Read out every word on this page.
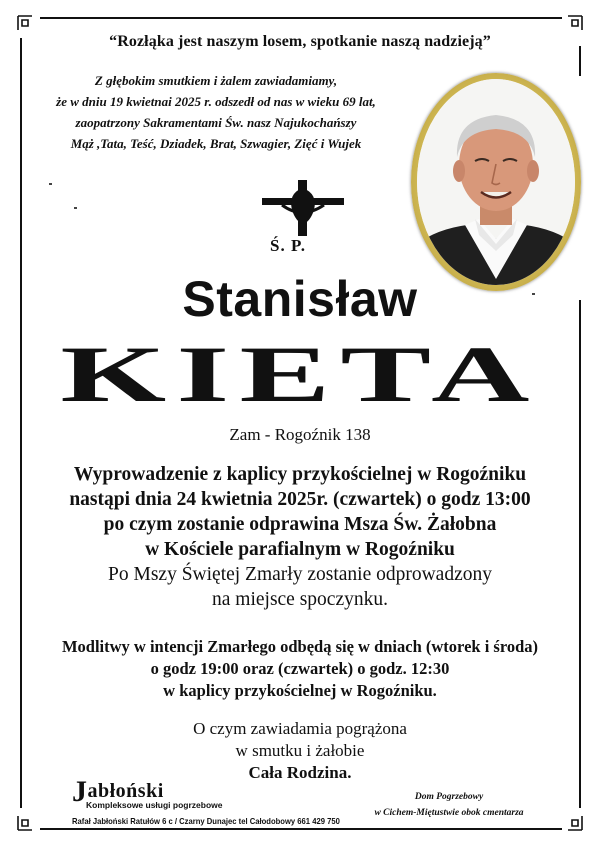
“Rozłąka jest naszym losem, spotkanie naszą nadzieją”
Z głębokim smutkiem i żalem zawiadamiamy,
że w dniu 19 kwietnai 2025 r. odszedł od nas w wieku 69 lat,
zaopatrzony Sakramentami Św. nasz Najukochańszy
Mąż ,Tata, Teść, Dziadek, Brat, Szwagier, Zięć i Wujek
Ś. P.
Stanisław
KIETA
Zam - Rogoźnik 138
Wyprowadzenie z kaplicy przykościelnej w Rogoźniku
nastąpi dnia 24 kwietnia 2025r. (czwartek) o godz 13:00
po czym zostanie odprawina Msza Św. Żałobna
w Kościele parafialnym w Rogoźniku
Po Mszy Świętej Zmarły zostanie odprowadzony
na miejsce spoczynku.
Modlitwy w intencji Zmarłego odbędą się w dniach (wtorek i środa)
o godz 19:00 oraz (czwartek) o godz. 12:30
w kaplicy przykościelnej w Rogoźniku.
O czym zawiadamia pogrążona
w smutku i żałobie
Cała Rodzina.
Jabłoński
Kompleksowe usługi pogrzebowe
Rafał Jabłoński Ratułów 6 c / Czarny Dunajec tel Całodobowy 661 429 750
Dom Pogrzebowy
w Cichem-Miętustwie obok cmentarza
